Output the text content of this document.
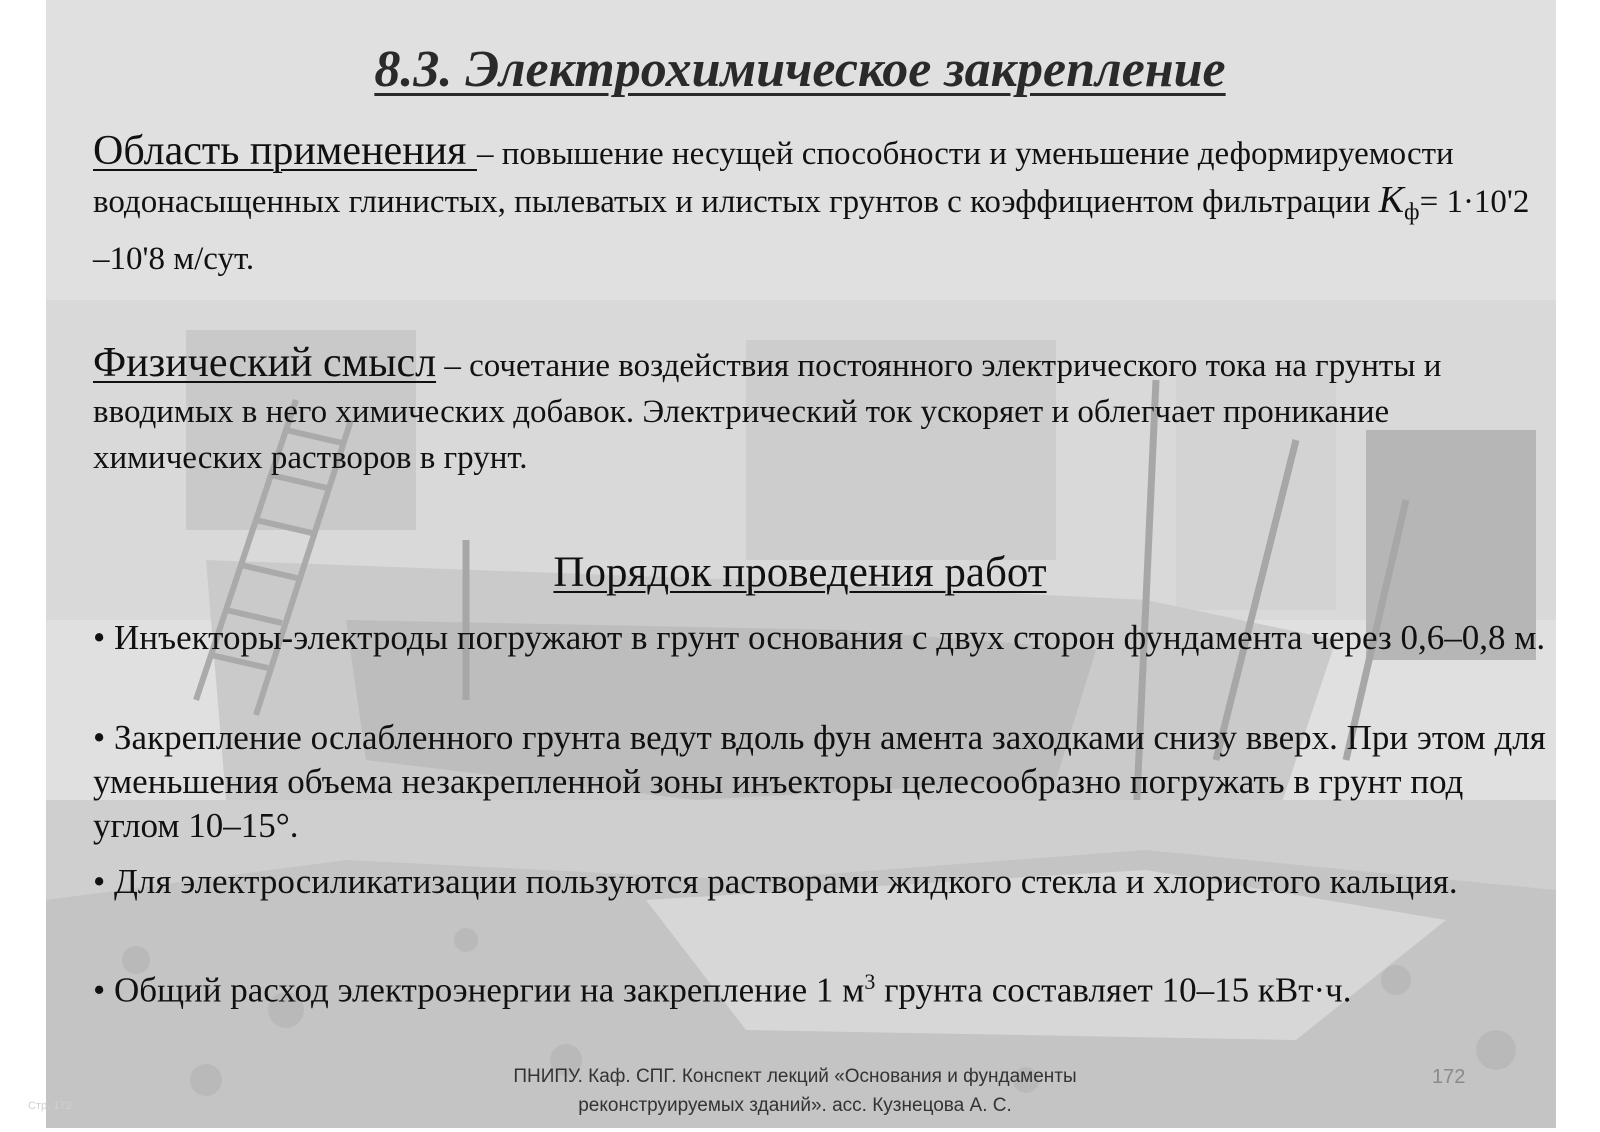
8.3. Электрохимическое закрепление

Область применения – повышение несущей способности и уменьшение деформируемости водонасыщенных глинистых, пылеватых и илистых грунтов с коэффициентом фильтрации $K_ф= 1\cdot 10'2$ –10'8 м/сут.

Физический смысл – сочетание воздействия постоянного электрического тока на грунты и вводимых в него химических добавок. Электрический ток ускоряет и облегчает проникание химических растворов в грунт.

Порядок проведения работ

• Инъекторы-электроды погружают в грунт основания с двух сторон фундамента через 0,6–0,8 м.

• Закрепление ослабленного грунта ведут вдоль фун амента заходками снизу вверх. При этом для уменьшения объема незакрепленной зоны инъекторы целесообразно погружать в грунт под углом 10–15°.

• Для электросиликатизации пользуются растворами жидкого стекла и хлористого кальция.

• Общий расход электроэнергии на закрепление 1 $м^3$ грунта составляет 10–15 кВт·ч.

ПНИПУ. Каф. СПГ. Конспект лекций «Основания и фундаменты
реконструируемых зданий». асс. Кузнецова А. С.
172
Стр. 172
